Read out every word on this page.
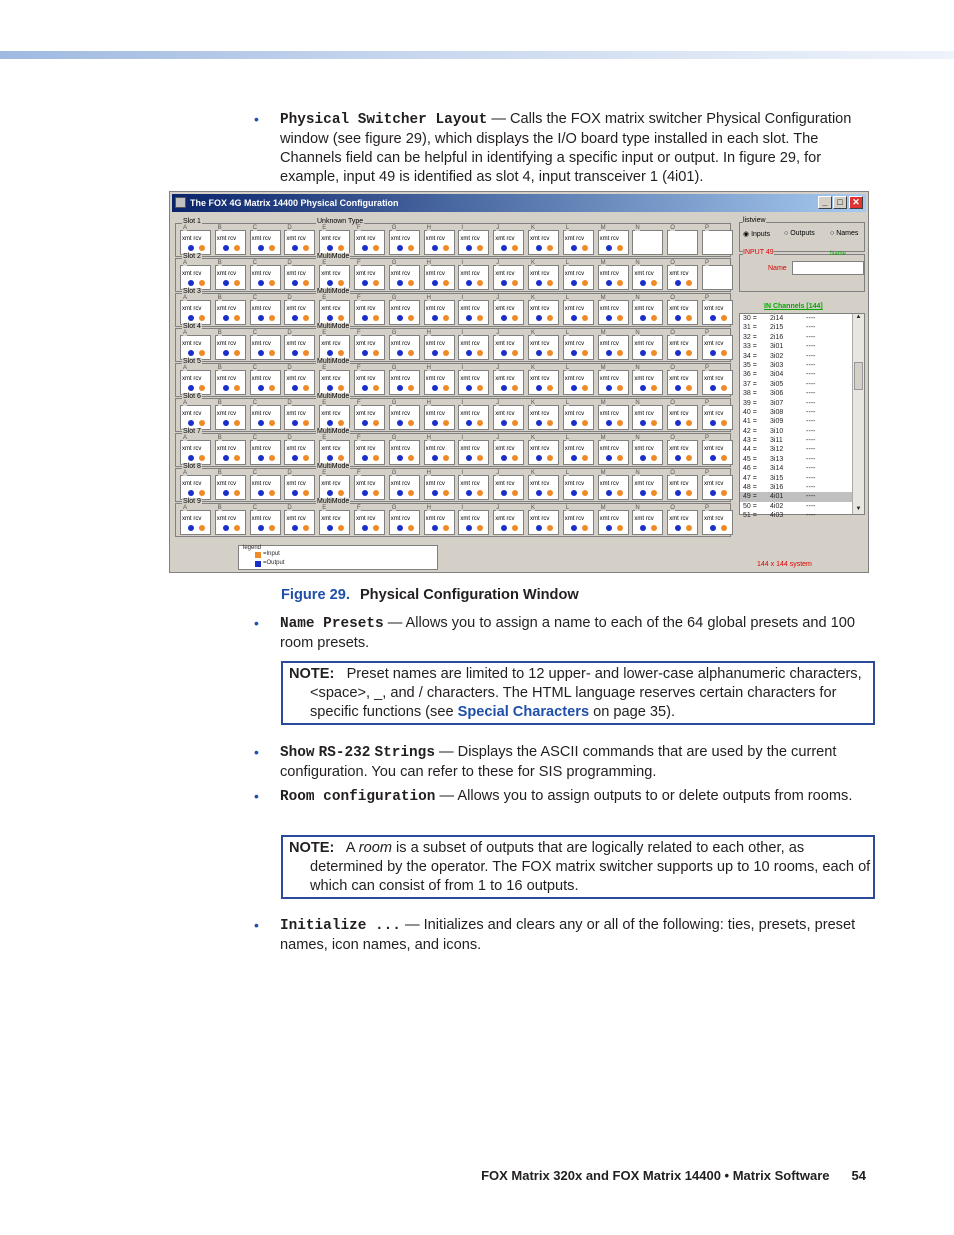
• Physical Switcher Layout — Calls the FOX matrix switcher Physical Configuration window (see figure 29), which displays the I/O board type installed in each slot. The Channels field can be helpful in identifying a specific input or output. In figure 29, for example, input 49 is identified as slot 4, input transceiver 1 (4i01).
The FOX 4G Matrix 14400 Physical Configuration	_	□	✕
Slot 1	Unknown Type
A
xmt rcv
B
xmt rcv
C
xmt rcv
D
xmt rcv
E
xmt rcv
F
xmt rcv
G
xmt rcv
H
xmt rcv
I
xmt rcv
J
xmt rcv
K
xmt rcv
L
xmt rcv
M
xmt rcv
N	O	P
Slot 2	MultiMode
A
xmt rcv
B
xmt rcv
C
xmt rcv
D
xmt rcv
E
xmt rcv
F
xmt rcv
G
xmt rcv
H
xmt rcv
I
xmt rcv
J
xmt rcv
K
xmt rcv
L
xmt rcv
M
xmt rcv
N
xmt rcv
O
xmt rcv
P
Slot 3	MultiMode
A
xmt rcv
B
xmt rcv
C
xmt rcv
D
xmt rcv
E
xmt rcv
F
xmt rcv
G
xmt rcv
H
xmt rcv
I
xmt rcv
J
xmt rcv
K
xmt rcv
L
xmt rcv
M
xmt rcv
N
xmt rcv
O
xmt rcv
P
xmt rcv
Slot 4	MultiMode
A
xmt rcv
B
xmt rcv
C
xmt rcv
D
xmt rcv
E
xmt rcv
F
xmt rcv
G
xmt rcv
H
xmt rcv
I
xmt rcv
J
xmt rcv
K
xmt rcv
L
xmt rcv
M
xmt rcv
N
xmt rcv
O
xmt rcv
P
xmt rcv
Slot 5	MultiMode
A
xmt rcv
B
xmt rcv
C
xmt rcv
D
xmt rcv
E
xmt rcv
F
xmt rcv
G
xmt rcv
H
xmt rcv
I
xmt rcv
J
xmt rcv
K
xmt rcv
L
xmt rcv
M
xmt rcv
N
xmt rcv
O
xmt rcv
P
xmt rcv
Slot 6	MultiMode
A
xmt rcv
B
xmt rcv
C
xmt rcv
D
xmt rcv
E
xmt rcv
F
xmt rcv
G
xmt rcv
H
xmt rcv
I
xmt rcv
J
xmt rcv
K
xmt rcv
L
xmt rcv
M
xmt rcv
N
xmt rcv
O
xmt rcv
P
xmt rcv
Slot 7	MultiMode
A
xmt rcv
B
xmt rcv
C
xmt rcv
D
xmt rcv
E
xmt rcv
F
xmt rcv
G
xmt rcv
H
xmt rcv
I
xmt rcv
J
xmt rcv
K
xmt rcv
L
xmt rcv
M
xmt rcv
N
xmt rcv
O
xmt rcv
P
xmt rcv
Slot 8	MultiMode
A
xmt rcv
B
xmt rcv
C
xmt rcv
D
xmt rcv
E
xmt rcv
F
xmt rcv
G
xmt rcv
H
xmt rcv
I
xmt rcv
J
xmt rcv
K
xmt rcv
L
xmt rcv
M
xmt rcv
N
xmt rcv
O
xmt rcv
P
xmt rcv
Slot 9	MultiMode
A
xmt rcv
B
xmt rcv
C
xmt rcv
D
xmt rcv
E
xmt rcv
F
xmt rcv
G
xmt rcv
H
xmt rcv
I
xmt rcv
J
xmt rcv
K
xmt rcv
L
xmt rcv
M
xmt rcv
N
xmt rcv
O
xmt rcv
P
xmt rcv
listview
◉ Inputs ○ Outputs ○ Names
INPUT 49	Name
Name
IN Channels [144]
30 = 2i14	----
31 = 2i15	----
32 = 2i16	----
33 = 3i01	----
34 = 3i02	----
35 = 3i03	----
36 = 3i04	----
37 = 3i05	----
38 = 3i06	----
39 = 3i07	----
40 = 3i08	----
41 = 3i09	----
42 = 3i10	----
43 = 3i11	----
44 = 3i12	----
45 = 3i13	----
46 = 3i14	----
47 = 3i15	----
48 = 3i16	----
49 = 4i01	----
50 = 4i02	----
51 = 4i03	----
▲
▼
legend
=Input
=Output	144 x 144 system
Figure 29. Physical Configuration Window
• Name Presets — Allows you to assign a name to each of the 64 global presets and 100 room presets.
NOTE: Preset names are limited to 12 upper- and lower-case alphanumeric characters, <space>, _, and / characters. The HTML language reserves certain characters for specific functions (see Special Characters on page 35).
• Show RS-232 Strings — Displays the ASCII commands that are used by the current configuration. You can refer to these for SIS programming.
• Room configuration — Allows you to assign outputs to or delete outputs from rooms.
NOTE: A room is a subset of outputs that are logically related to each other, as determined by the operator. The FOX matrix switcher supports up to 10 rooms, each of which can consist of from 1 to 16 outputs.
• Initialize ... — Initializes and clears any or all of the following: ties, presets, preset names, icon names, and icons.
FOX Matrix 320x and FOX Matrix 14400 • Matrix Software 54
